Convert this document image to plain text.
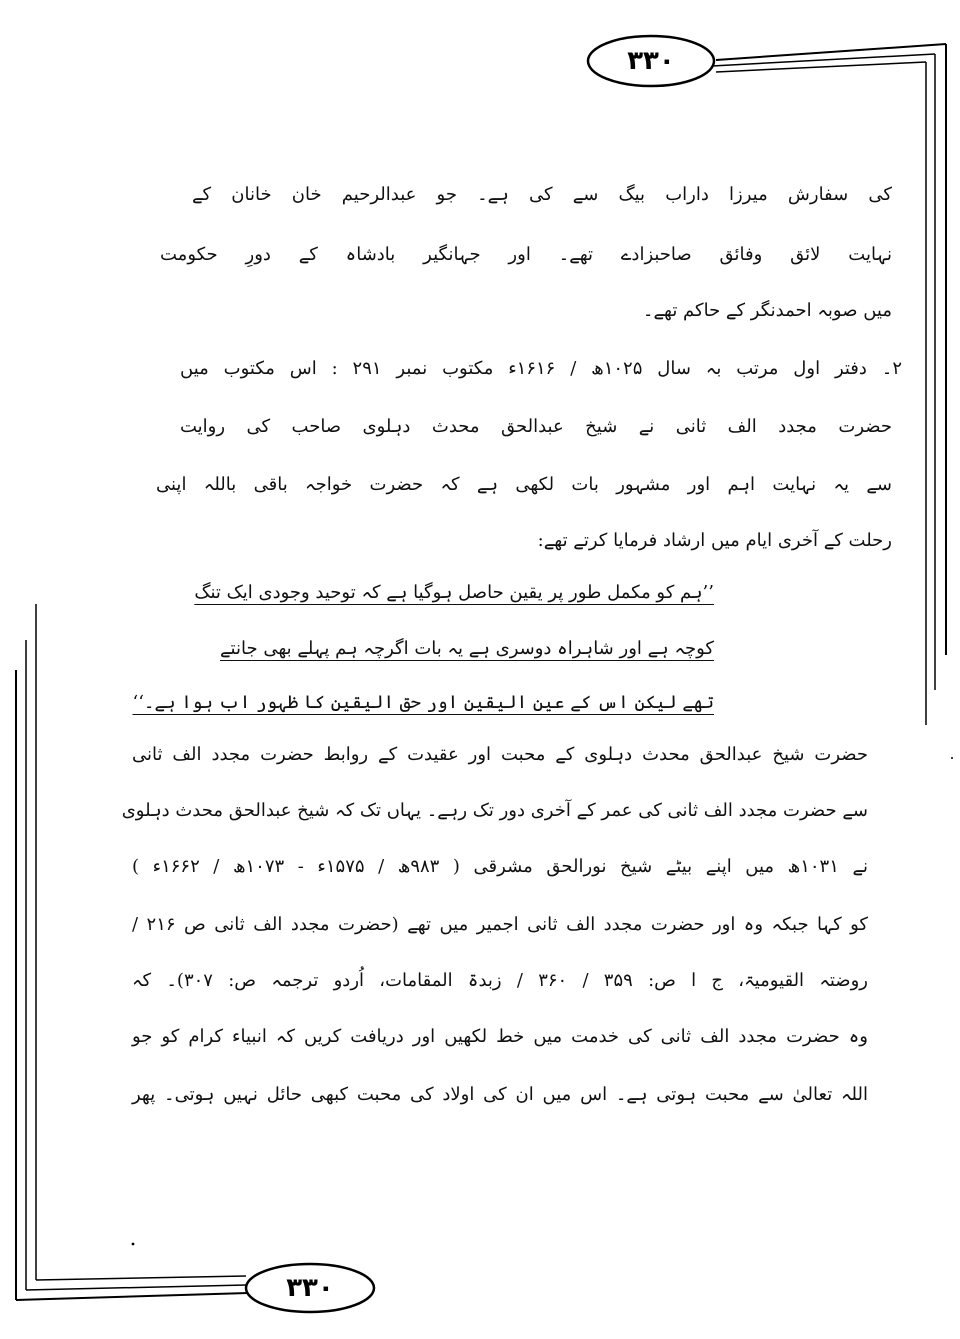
۳۳۰
۳۳۰
کی سفارش میرزا داراب بیگ سے کی ہے۔ جو عبدالرحیم خان خانان کے
نہایت لائق وفائق صاحبزادے تھے۔ اور جہانگیر بادشاہ کے دورِ حکومت
میں صوبہ احمدنگر کے حاکم تھے۔
۲۔ دفتر اول مرتب بہ سال ۱۰۲۵ھ / ۱۶۱۶ء مکتوب نمبر ۲۹۱ : اس مکتوب میں
حضرت مجدد الف ثانی نے شیخ عبدالحق محدث دہلوی صاحب کی روایت
سے یہ نہایت اہم اور مشہور بات لکھی ہے کہ حضرت خواجہ باقی باللہ اپنی
رحلت کے آخری ایام میں ارشاد فرمایا کرتے تھے:
’’ہم کو مکمل طور پر یقین حاصل ہوگیا ہے کہ توحید وجودی ایک تنگ
کوچہ ہے اور شاہراہ دوسری ہے یہ بات اگرچہ ہم پہلے بھی جانتے
تھے لیکن اس کے عین الیقین اور حق الیقین کا ظہور اب ہوا ہے۔‘‘
حضرت شیخ عبدالحق محدث دہلوی کے محبت اور عقیدت کے روابط حضرت مجدد الف ثانی
سے حضرت مجدد الف ثانی کی عمر کے آخری دور تک رہے۔ یہاں تک کہ شیخ عبدالحق محدث دہلوی
نے ۱۰۳۱ھ میں اپنے بیٹے شیخ نورالحق مشرقی ( ۹۸۳ھ / ۱۵۷۵ء - ۱۰۷۳ھ / ۱۶۶۲ء )
کو کہا جبکہ وہ اور حضرت مجدد الف ثانی اجمیر میں تھے (حضرت مجدد الف ثانی ص ۲۱۶ /
روضتہ القیومیۃ، ج ا ص: ۳۵۹ / ۳۶۰ / زبدۃ المقامات، اُردو ترجمہ ص: ۳۰۷)۔ کہ
وہ حضرت مجدد الف ثانی کی خدمت میں خط لکھیں اور دریافت کریں کہ انبیاء کرام کو جو
اللہ تعالیٰ سے محبت ہوتی ہے۔ اس میں ان کی اولاد کی محبت کبھی حائل نہیں ہوتی۔ پھر
